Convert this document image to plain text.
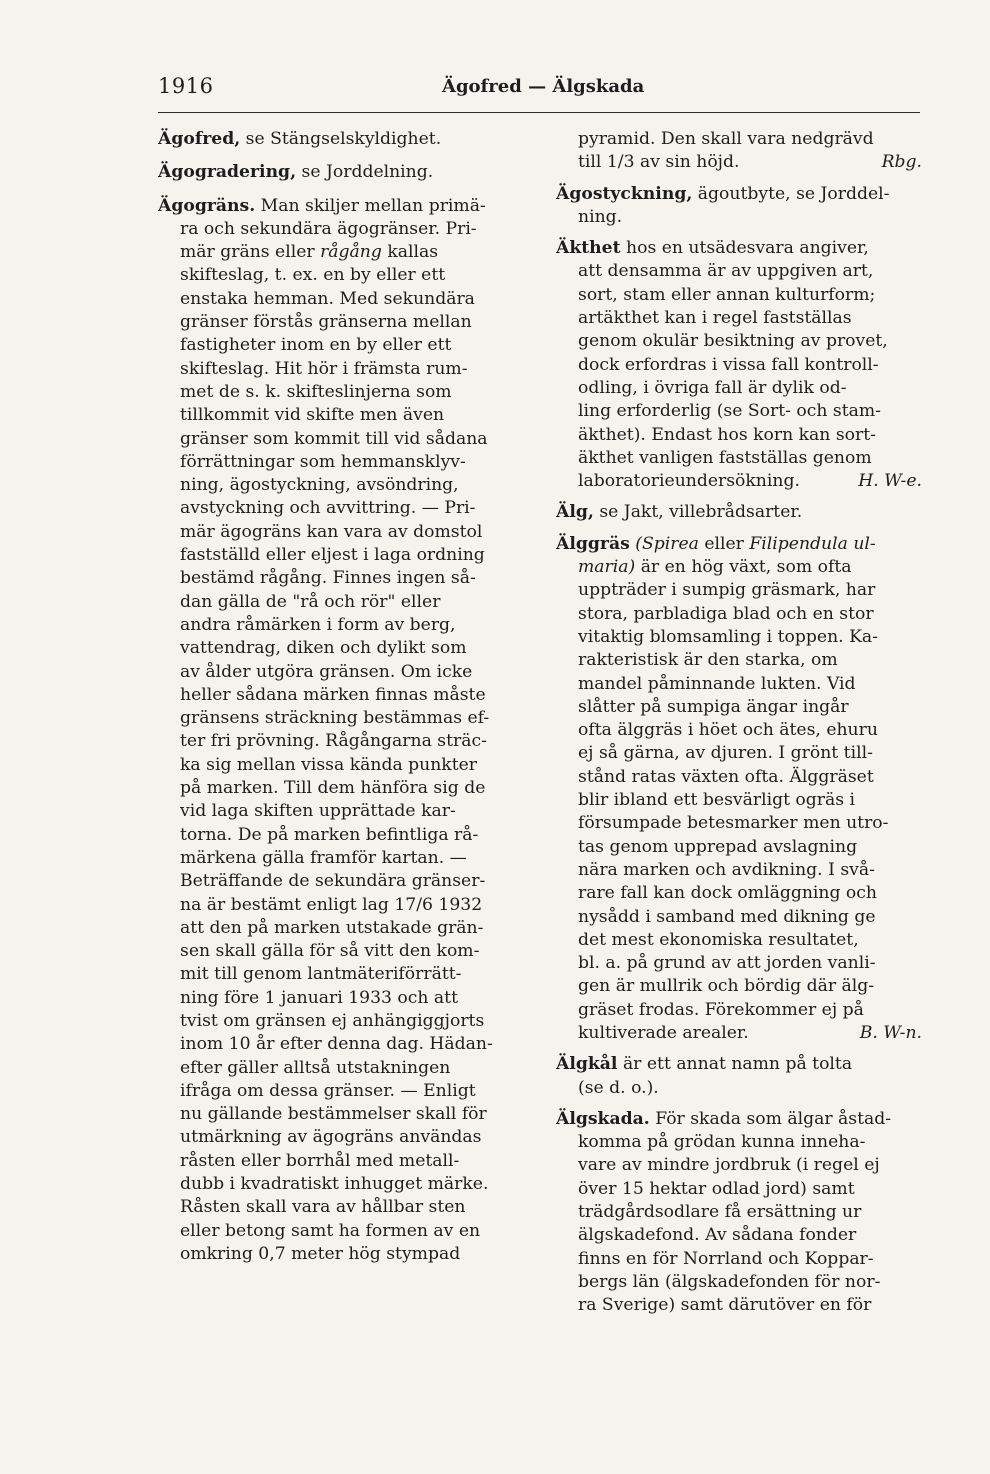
1916	Ägofred — Älgskada
Ägofred, se Stängselskyldighet.
Ägogradering, se Jorddelning.
Ägogräns. Man skiljer mellan primä-
ra och sekundära ägogränser. Pri-
mär gräns eller rågång kallas
skifteslag, t. ex. en by eller ett
enstaka hemman. Med sekundära
gränser förstås gränserna mellan
fastigheter inom en by eller ett
skifteslag. Hit hör i främsta rum-
met de s. k. skifteslinjerna som
tillkommit vid skifte men även
gränser som kommit till vid sådana
förrättningar som hemmansklyv-
ning, ägostyckning, avsöndring,
avstyckning och avvittring. — Pri-
mär ägogräns kan vara av domstol
fastställd eller eljest i laga ordning
bestämd rågång. Finnes ingen så-
dan gälla de "rå och rör" eller
andra råmärken i form av berg,
vattendrag, diken och dylikt som
av ålder utgöra gränsen. Om icke
heller sådana märken finnas måste
gränsens sträckning bestämmas ef-
ter fri prövning. Rågångarna sträc-
ka sig mellan vissa kända punkter
på marken. Till dem hänföra sig de
vid laga skiften upprättade kar-
torna. De på marken befintliga rå-
märkena gälla framför kartan. —
Beträffande de sekundära gränser-
na är bestämt enligt lag 17/6 1932
att den på marken utstakade grän-
sen skall gälla för så vitt den kom-
mit till genom lantmäteriförrätt-
ning före 1 januari 1933 och att
tvist om gränsen ej anhängiggjorts
inom 10 år efter denna dag. Hädan-
efter gäller alltså utstakningen
ifråga om dessa gränser. — Enligt
nu gällande bestämmelser skall för
utmärkning av ägogräns användas
råsten eller borrhål med metall-
dubb i kvadratiskt inhugget märke.
Råsten skall vara av hållbar sten
eller betong samt ha formen av en
omkring 0,7 meter hög stympad
pyramid. Den skall vara nedgrävd
till 1/3 av sin höjd.	Rbg.
Ägostyckning, ägoutbyte, se Jorddel-
ning.
Äkthet hos en utsädesvara angiver,
att densamma är av uppgiven art,
sort, stam eller annan kulturform;
artäkthet kan i regel fastställas
genom okulär besiktning av provet,
dock erfordras i vissa fall kontroll-
odling, i övriga fall är dylik od-
ling erforderlig (se Sort- och stam-
äkthet). Endast hos korn kan sort-
äkthet vanligen fastställas genom
laboratorieundersökning.	H. W-e.
Älg, se Jakt, villebrådsarter.
Älggräs (Spirea eller Filipendula ul-
maria) är en hög växt, som ofta
uppträder i sumpig gräsmark, har
stora, parbladiga blad och en stor
vitaktig blomsamling i toppen. Ka-
rakteristisk är den starka, om
mandel påminnande lukten. Vid
slåtter på sumpiga ängar ingår
ofta älggräs i höet och ätes, ehuru
ej så gärna, av djuren. I grönt till-
stånd ratas växten ofta. Älggräset
blir ibland ett besvärligt ogräs i
försumpade betesmarker men utro-
tas genom upprepad avslagning
nära marken och avdikning. I svå-
rare fall kan dock omläggning och
nysådd i samband med dikning ge
det mest ekonomiska resultatet,
bl. a. på grund av att jorden vanli-
gen är mullrik och bördig där älg-
gräset frodas. Förekommer ej på
kultiverade arealer.	B. W-n.
Älgkål är ett annat namn på tolta
(se d. o.).
Älgskada. För skada som älgar åstad-
komma på grödan kunna inneha-
vare av mindre jordbruk (i regel ej
över 15 hektar odlad jord) samt
trädgårdsodlare få ersättning ur
älgskadefond. Av sådana fonder
finns en för Norrland och Koppar-
bergs län (älgskadefonden för nor-
ra Sverige) samt därutöver en för
